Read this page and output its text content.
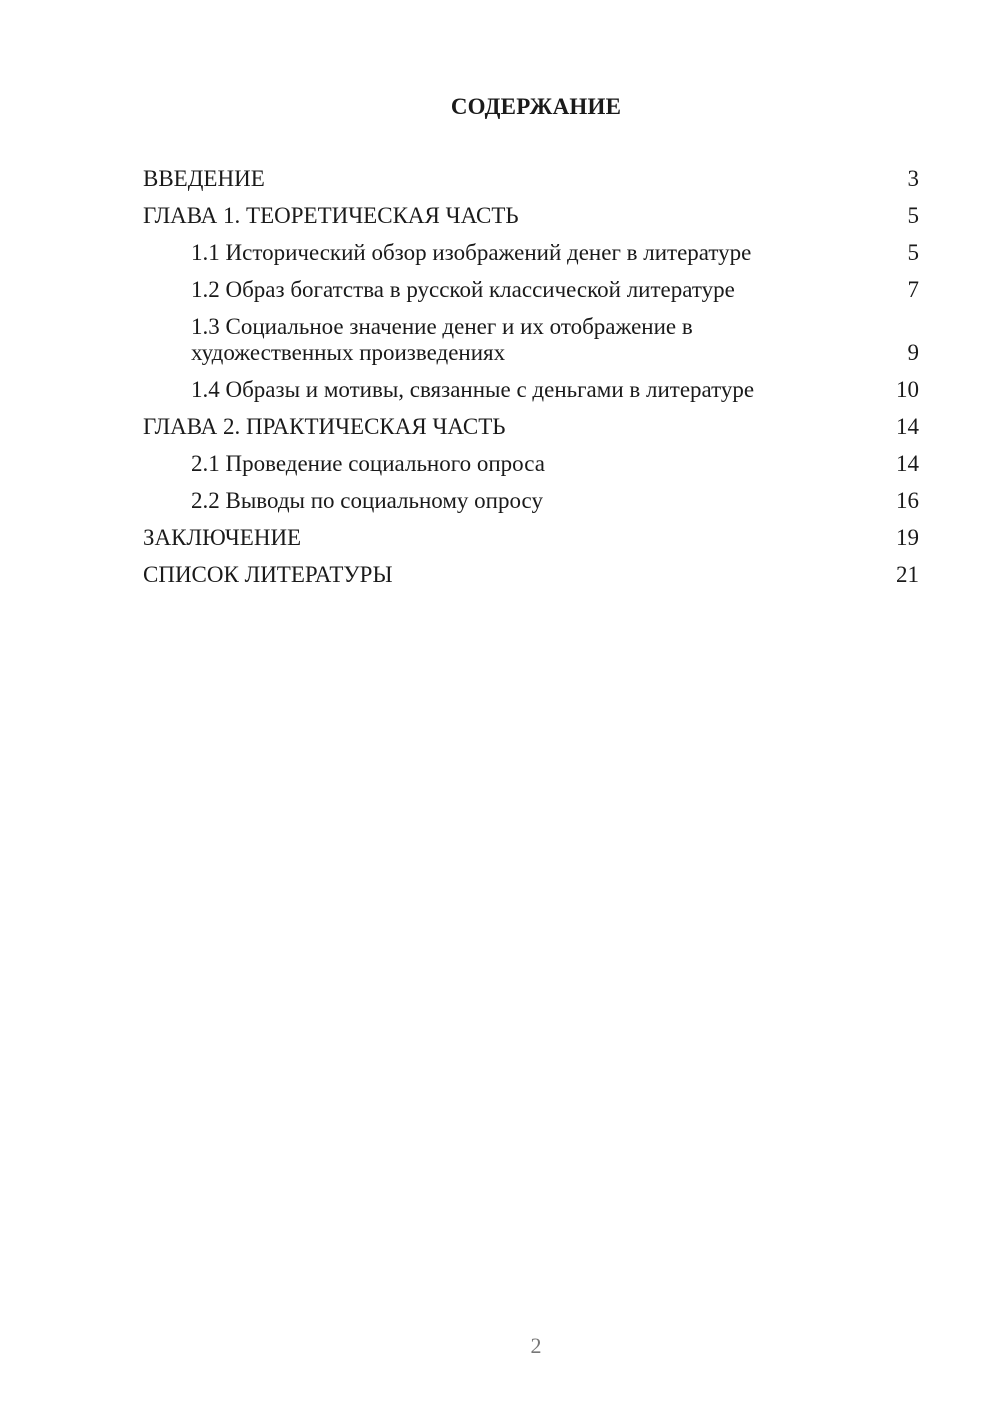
СОДЕРЖАНИЕ
ВВЕДЕНИЕ	3
ГЛАВА 1. ТЕОРЕТИЧЕСКАЯ ЧАСТЬ	5
1.1 Исторический обзор изображений денег в литературе	5
1.2 Образ богатства в русской классической литературе	7
1.3 Социальное значение денег и их отображение в
художественных произведениях	9
1.4 Образы и мотивы, связанные с деньгами в литературе	10
ГЛАВА 2. ПРАКТИЧЕСКАЯ ЧАСТЬ	14
2.1 Проведение социального опроса	14
2.2 Выводы по социальному опросу	16
ЗАКЛЮЧЕНИЕ	19
СПИСОК ЛИТЕРАТУРЫ	21
2
